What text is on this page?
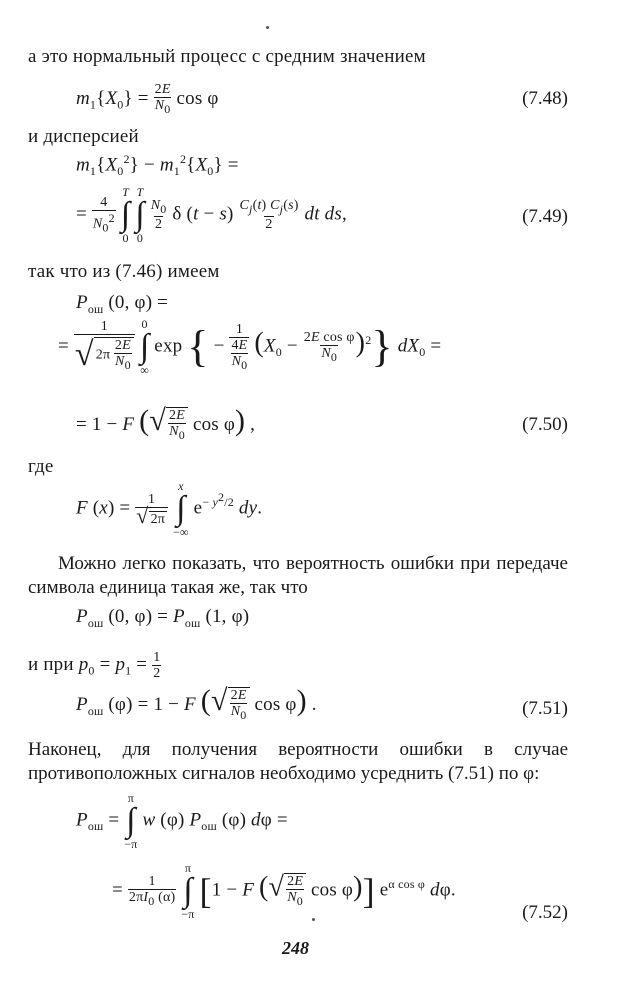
а это нормальный процесс с средним значением
$m_1\{X_0\} = \frac{2E}{N_0}$ cos φ	(7.48)
и дисперсией
$m_1\{X_0^2\} - m_1^2\{X_0\}$ =
= $\frac{4}{N_0^2}$

T
∫
0

T
∫
0

$\frac{N_0}{2}$ δ $(t - s) \frac{C_j(t) C_j(s)}{2}$ dt ds,	(7.49)
так что из (7.46) имеем
$P_{ош}$ (0, φ) =
= $\frac{1}{√ 2\pi \frac{2E}{N_0}}$
0
∫
∞
exp { − $\frac{1}{\frac{4E}{N_0}} (X_0 - \frac{\text{2E cos φ}}{N_0} )^2$} $dX_0$ =
= 1 − F (√ $\frac{2E}{N_0}$ cos φ) ,	(7.50)
где
F $(x) = \frac{1}{√ 2\pi}$

x
∫
−∞
$e^{- y^2/2}$ dy.
Можно легко показать, что вероятность ошибки при передаче символа единица такая же, так что
$P_{ош}$ (0, $\varphi) = P_{ош}$ (1, φ)
и при $p_0 = p_1 = \frac{1}{2}$
$P_{ош}$ (φ) = 1 − F (√ $\frac{2E}{N_0}$ cos φ) .	(7.51)
Наконец, для получения вероятности ошибки в случае противоположных сигналов необходимо усреднить (7.51) по φ:
$P_{ош}$ =
π
∫
−π
w (φ) $P_{ош}$ (φ) dφ =
= $\frac{1}{2\pi I_0 (\alpha)}$

π
∫
−π
[1 − F (√ $\frac{2E}{N_0}$ cos φ)] $e^{\alpha cos \varphi}$ dφ.
(7.52)
248
